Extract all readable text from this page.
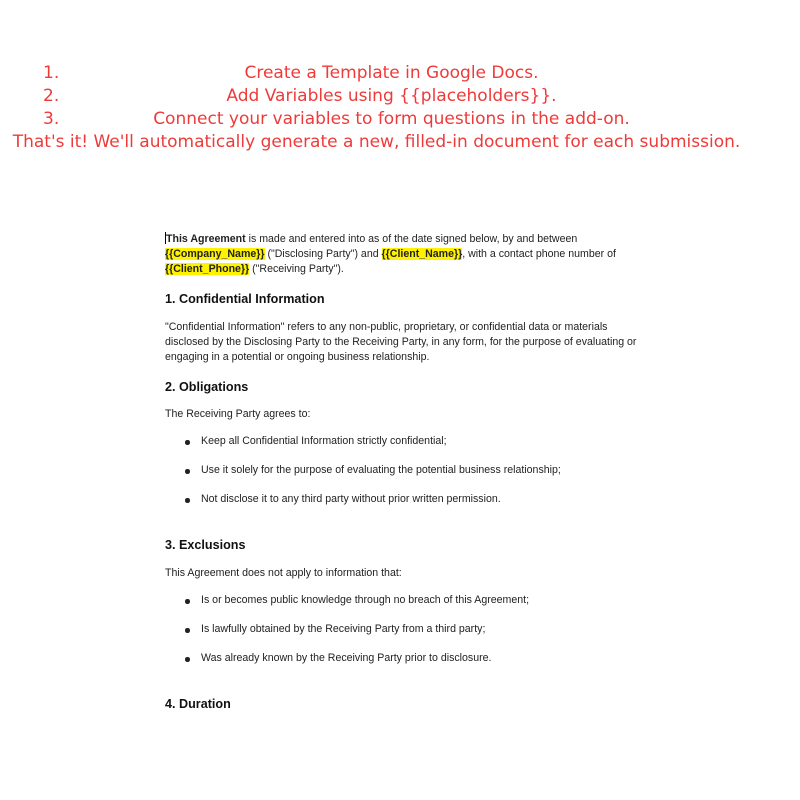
1.	Create a Template in Google Docs.
2.	Add Variables using {{placeholders}}.
3.	Connect your variables to form questions in the add-on.
That's it! We'll automatically generate a new, filled-in document for each submission.

This Agreement is made and entered into as of the date signed below, by and between {{Company_Name}} ("Disclosing Party") and {{Client_Name}}, with a contact phone number of {{Client_Phone}} ("Receiving Party").

1. Confidential Information

"Confidential Information" refers to any non-public, proprietary, or confidential data or materials disclosed by the Disclosing Party to the Receiving Party, in any form, for the purpose of evaluating or engaging in a potential or ongoing business relationship.

2. Obligations

The Receiving Party agrees to:

Keep all Confidential Information strictly confidential;
Use it solely for the purpose of evaluating the potential business relationship;
Not disclose it to any third party without prior written permission.
3. Exclusions

This Agreement does not apply to information that:

Is or becomes public knowledge through no breach of this Agreement;
Is lawfully obtained by the Receiving Party from a third party;
Was already known by the Receiving Party prior to disclosure.
4. Duration
